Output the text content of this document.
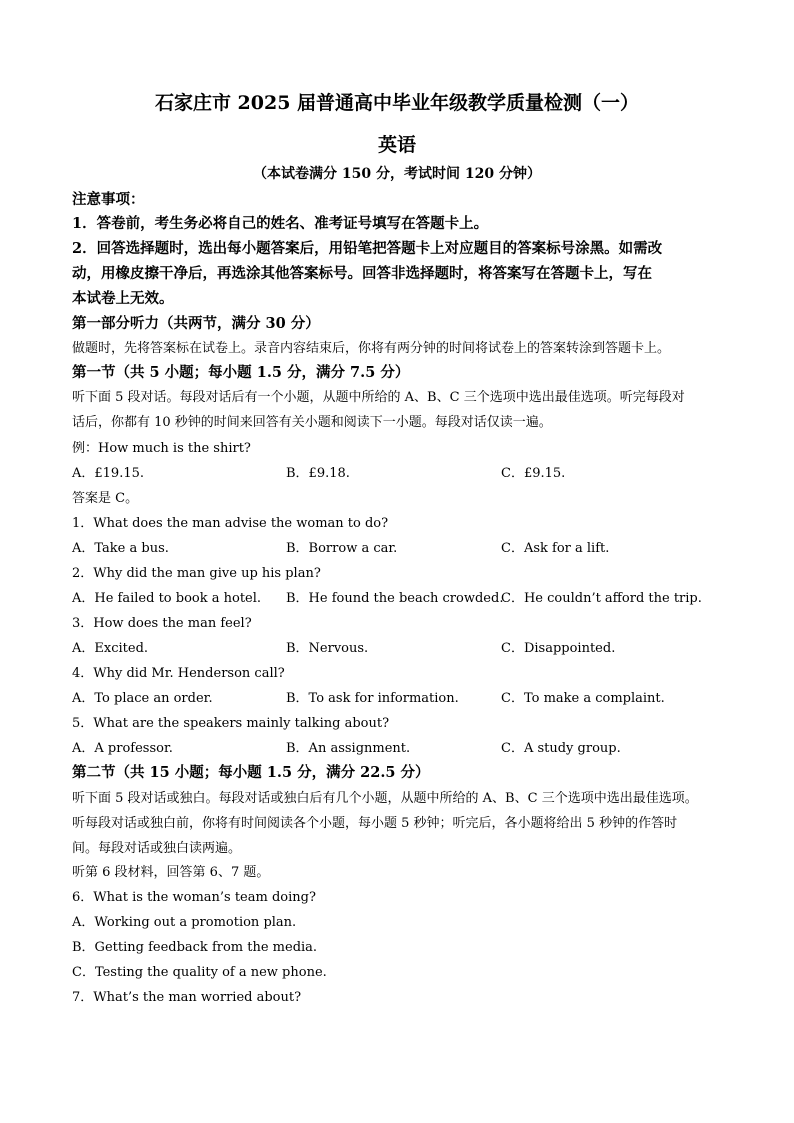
石家庄市 2025 届普通高中毕业年级教学质量检测（一）
英语
（本试卷满分 150 分，考试时间 120 分钟）
注意事项：
1．答卷前，考生务必将自己的姓名、准考证号填写在答题卡上。
2．回答选择题时，选出每小题答案后，用铅笔把答题卡上对应题目的答案标号涂黑。如需改
动，用橡皮擦干净后，再选涂其他答案标号。回答非选择题时，将答案写在答题卡上，写在
本试卷上无效。
第一部分听力（共两节，满分 30 分）
做题时，先将答案标在试卷上。录音内容结束后，你将有两分钟的时间将试卷上的答案转涂到答题卡上。
第一节（共 5 小题；每小题 1.5 分，满分 7.5 分）
听下面 5 段对话。每段对话后有一个小题，从题中所给的 A、B、C 三个选项中选出最佳选项。听完每段对
话后，你都有 10 秒钟的时间来回答有关小题和阅读下一小题。每段对话仅读一遍。
例：How much is the shirt?
A．£19.15.	B．£9.18.	C．£9.15.
答案是 C。
1．What does the man advise the woman to do?
A．Take a bus.	B．Borrow a car.	C．Ask for a lift.
2．Why did the man give up his plan?
A．He failed to book a hotel. B．He found the beach crowded.
C．He couldn’t afford the trip.
3．How does the man feel?
A．Excited.	B．Nervous.	C．Disappointed.
4．Why did Mr. Henderson call?
A．To place an order.	B．To ask for information.	C．To make a complaint.
5．What are the speakers mainly talking about?
A．A professor.	B．An assignment.	C．A study group.
第二节（共 15 小题；每小题 1.5 分，满分 22.5 分）
听下面 5 段对话或独白。每段对话或独白后有几个小题，从题中所给的 A、B、C 三个选项中选出最佳选项。
听每段对话或独白前，你将有时间阅读各个小题，每小题 5 秒钟；听完后，各小题将给出 5 秒钟的作答时
间。每段对话或独白读两遍。
听第 6 段材料，回答第 6、7 题。
6．What is the woman’s team doing?
A．Working out a promotion plan.
B．Getting feedback from the media.
C．Testing the quality of a new phone.
7．What’s the man worried about?
